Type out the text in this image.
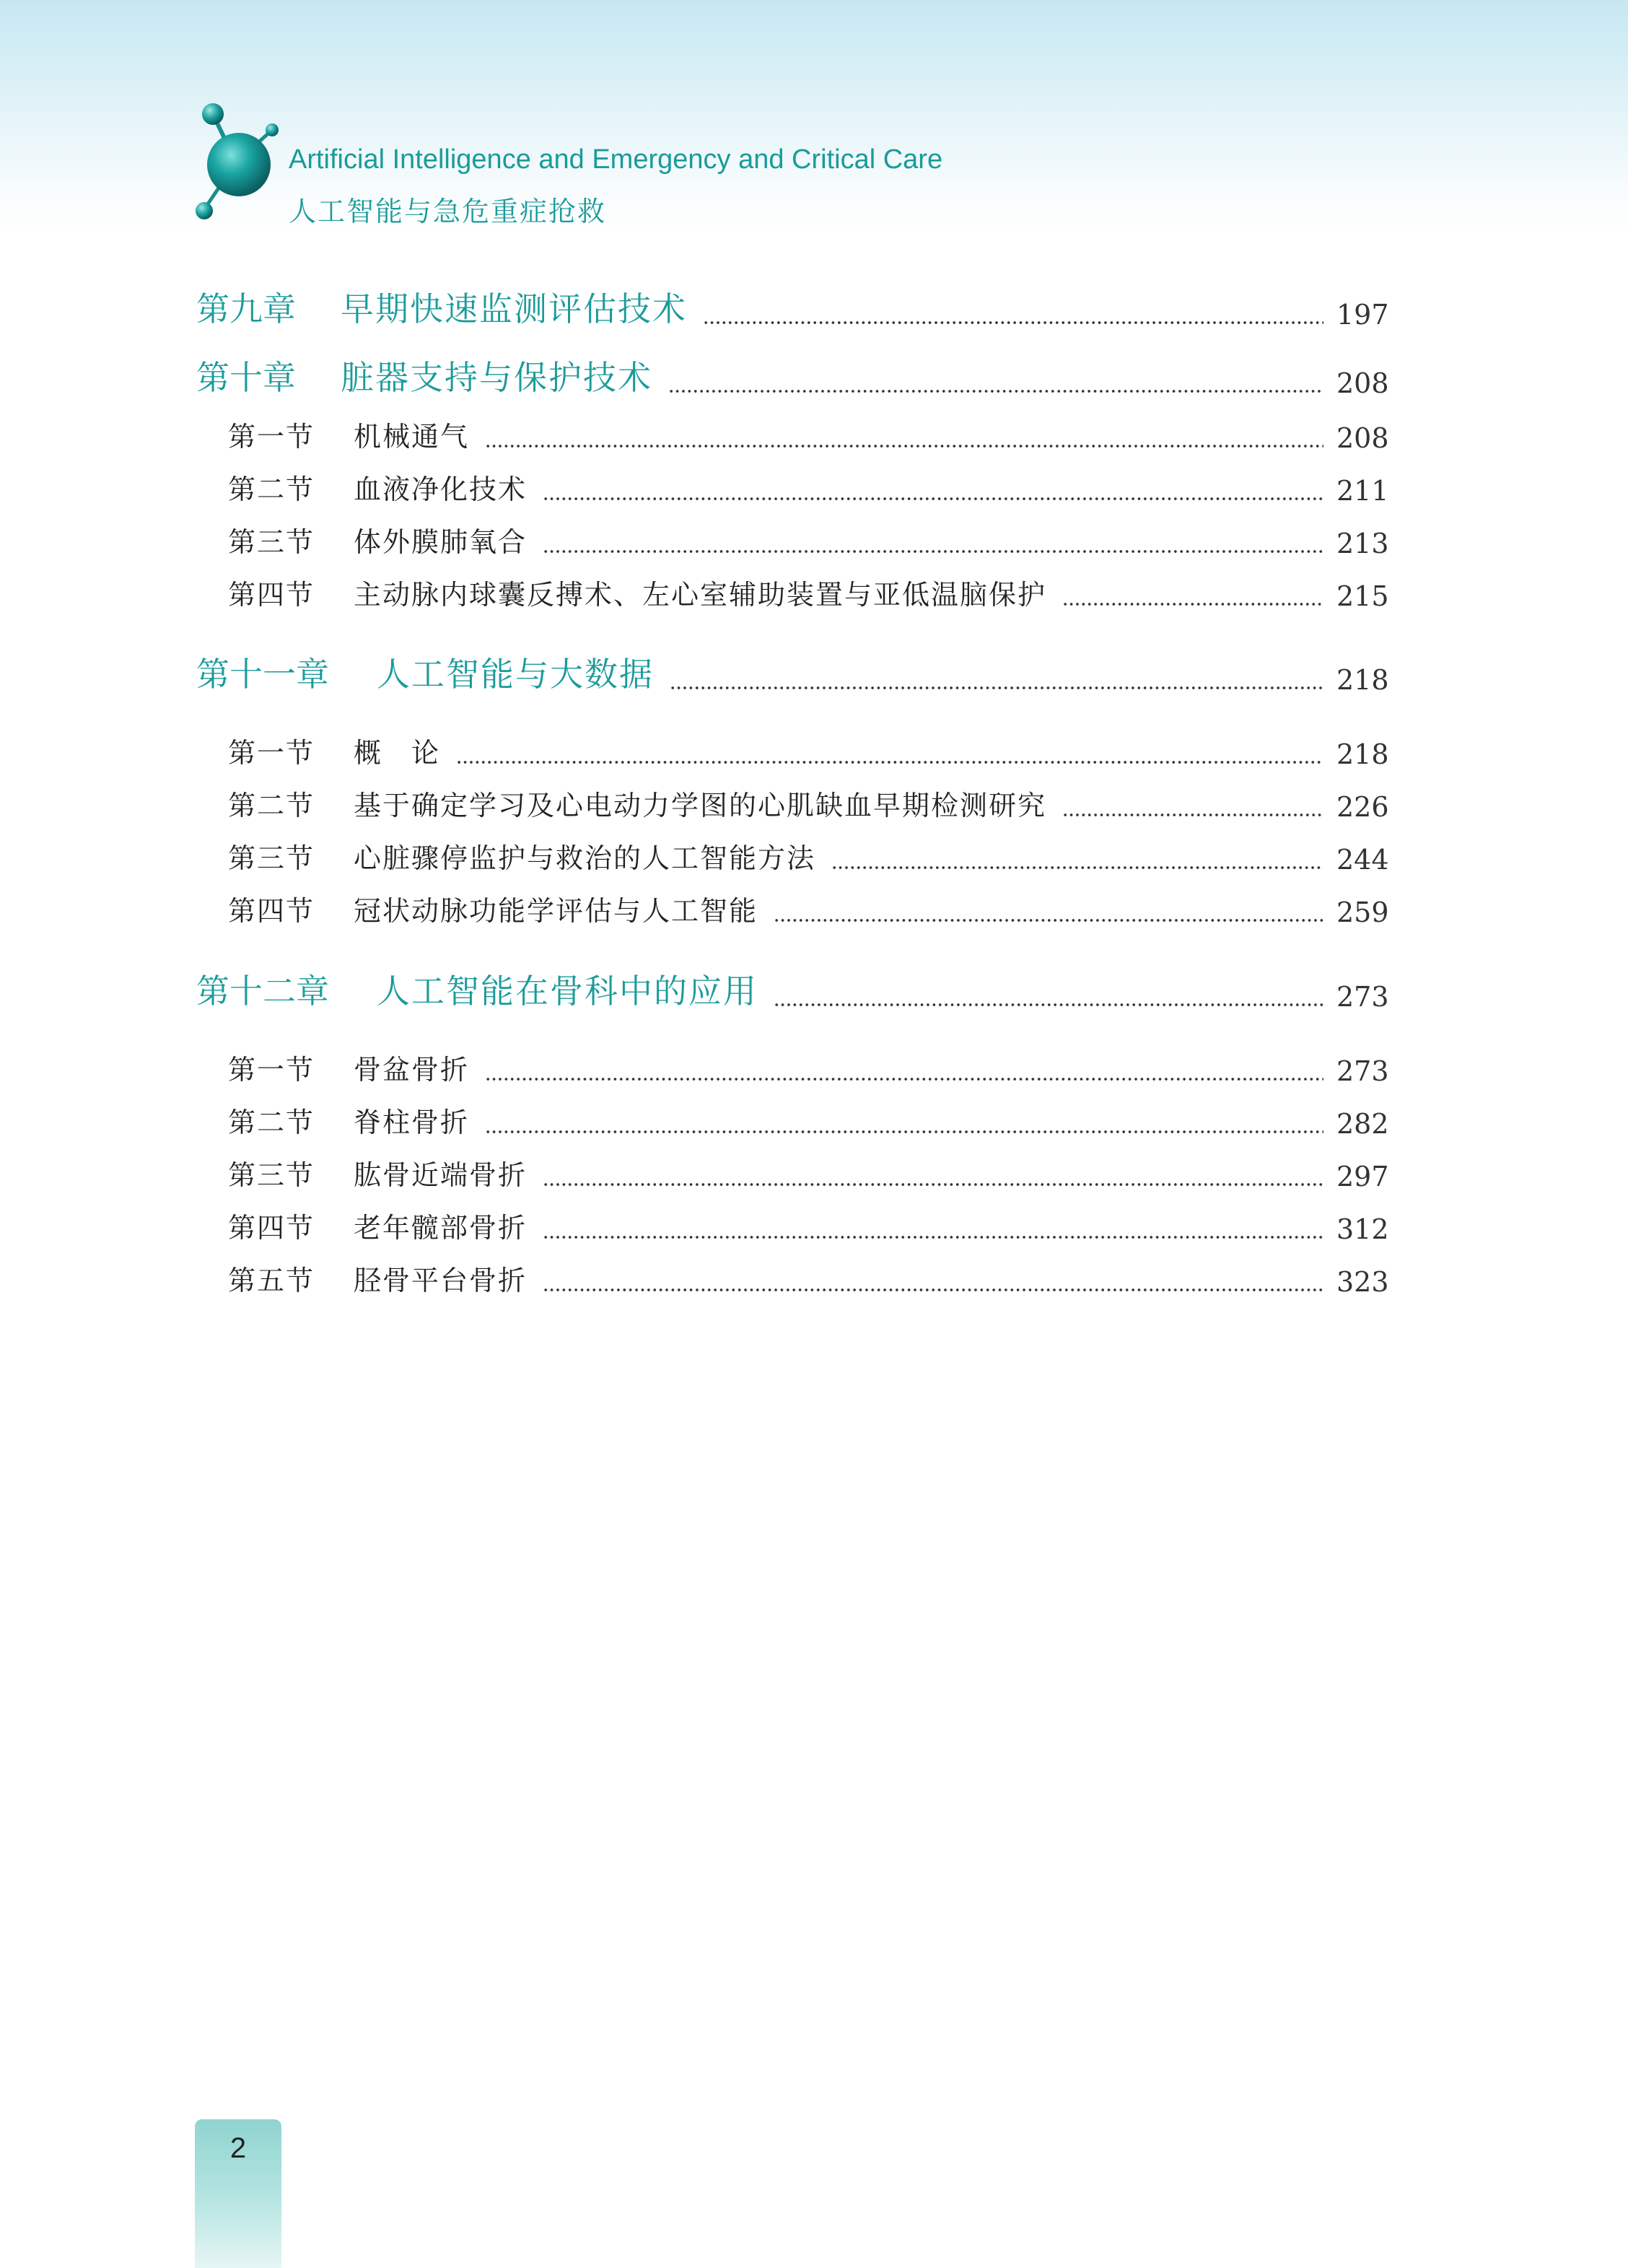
Artificial Intelligence and Emergency and Critical Care
人工智能与急危重症抢救
第九章	早期快速监测评估技术	197
第十章	脏器支持与保护技术	208
第一节	机械通气	208
第二节	血液净化技术	211
第三节	体外膜肺氧合	213
第四节	主动脉内球囊反搏术、左心室辅助装置与亚低温脑保护	215
第十一章	人工智能与大数据	218
第一节	概　论	218
第二节	基于确定学习及心电动力学图的心肌缺血早期检测研究	226
第三节	心脏骤停监护与救治的人工智能方法	244
第四节	冠状动脉功能学评估与人工智能	259
第十二章	人工智能在骨科中的应用	273
第一节	骨盆骨折	273
第二节	脊柱骨折	282
第三节	肱骨近端骨折	297
第四节	老年髋部骨折	312
第五节	胫骨平台骨折	323
2
